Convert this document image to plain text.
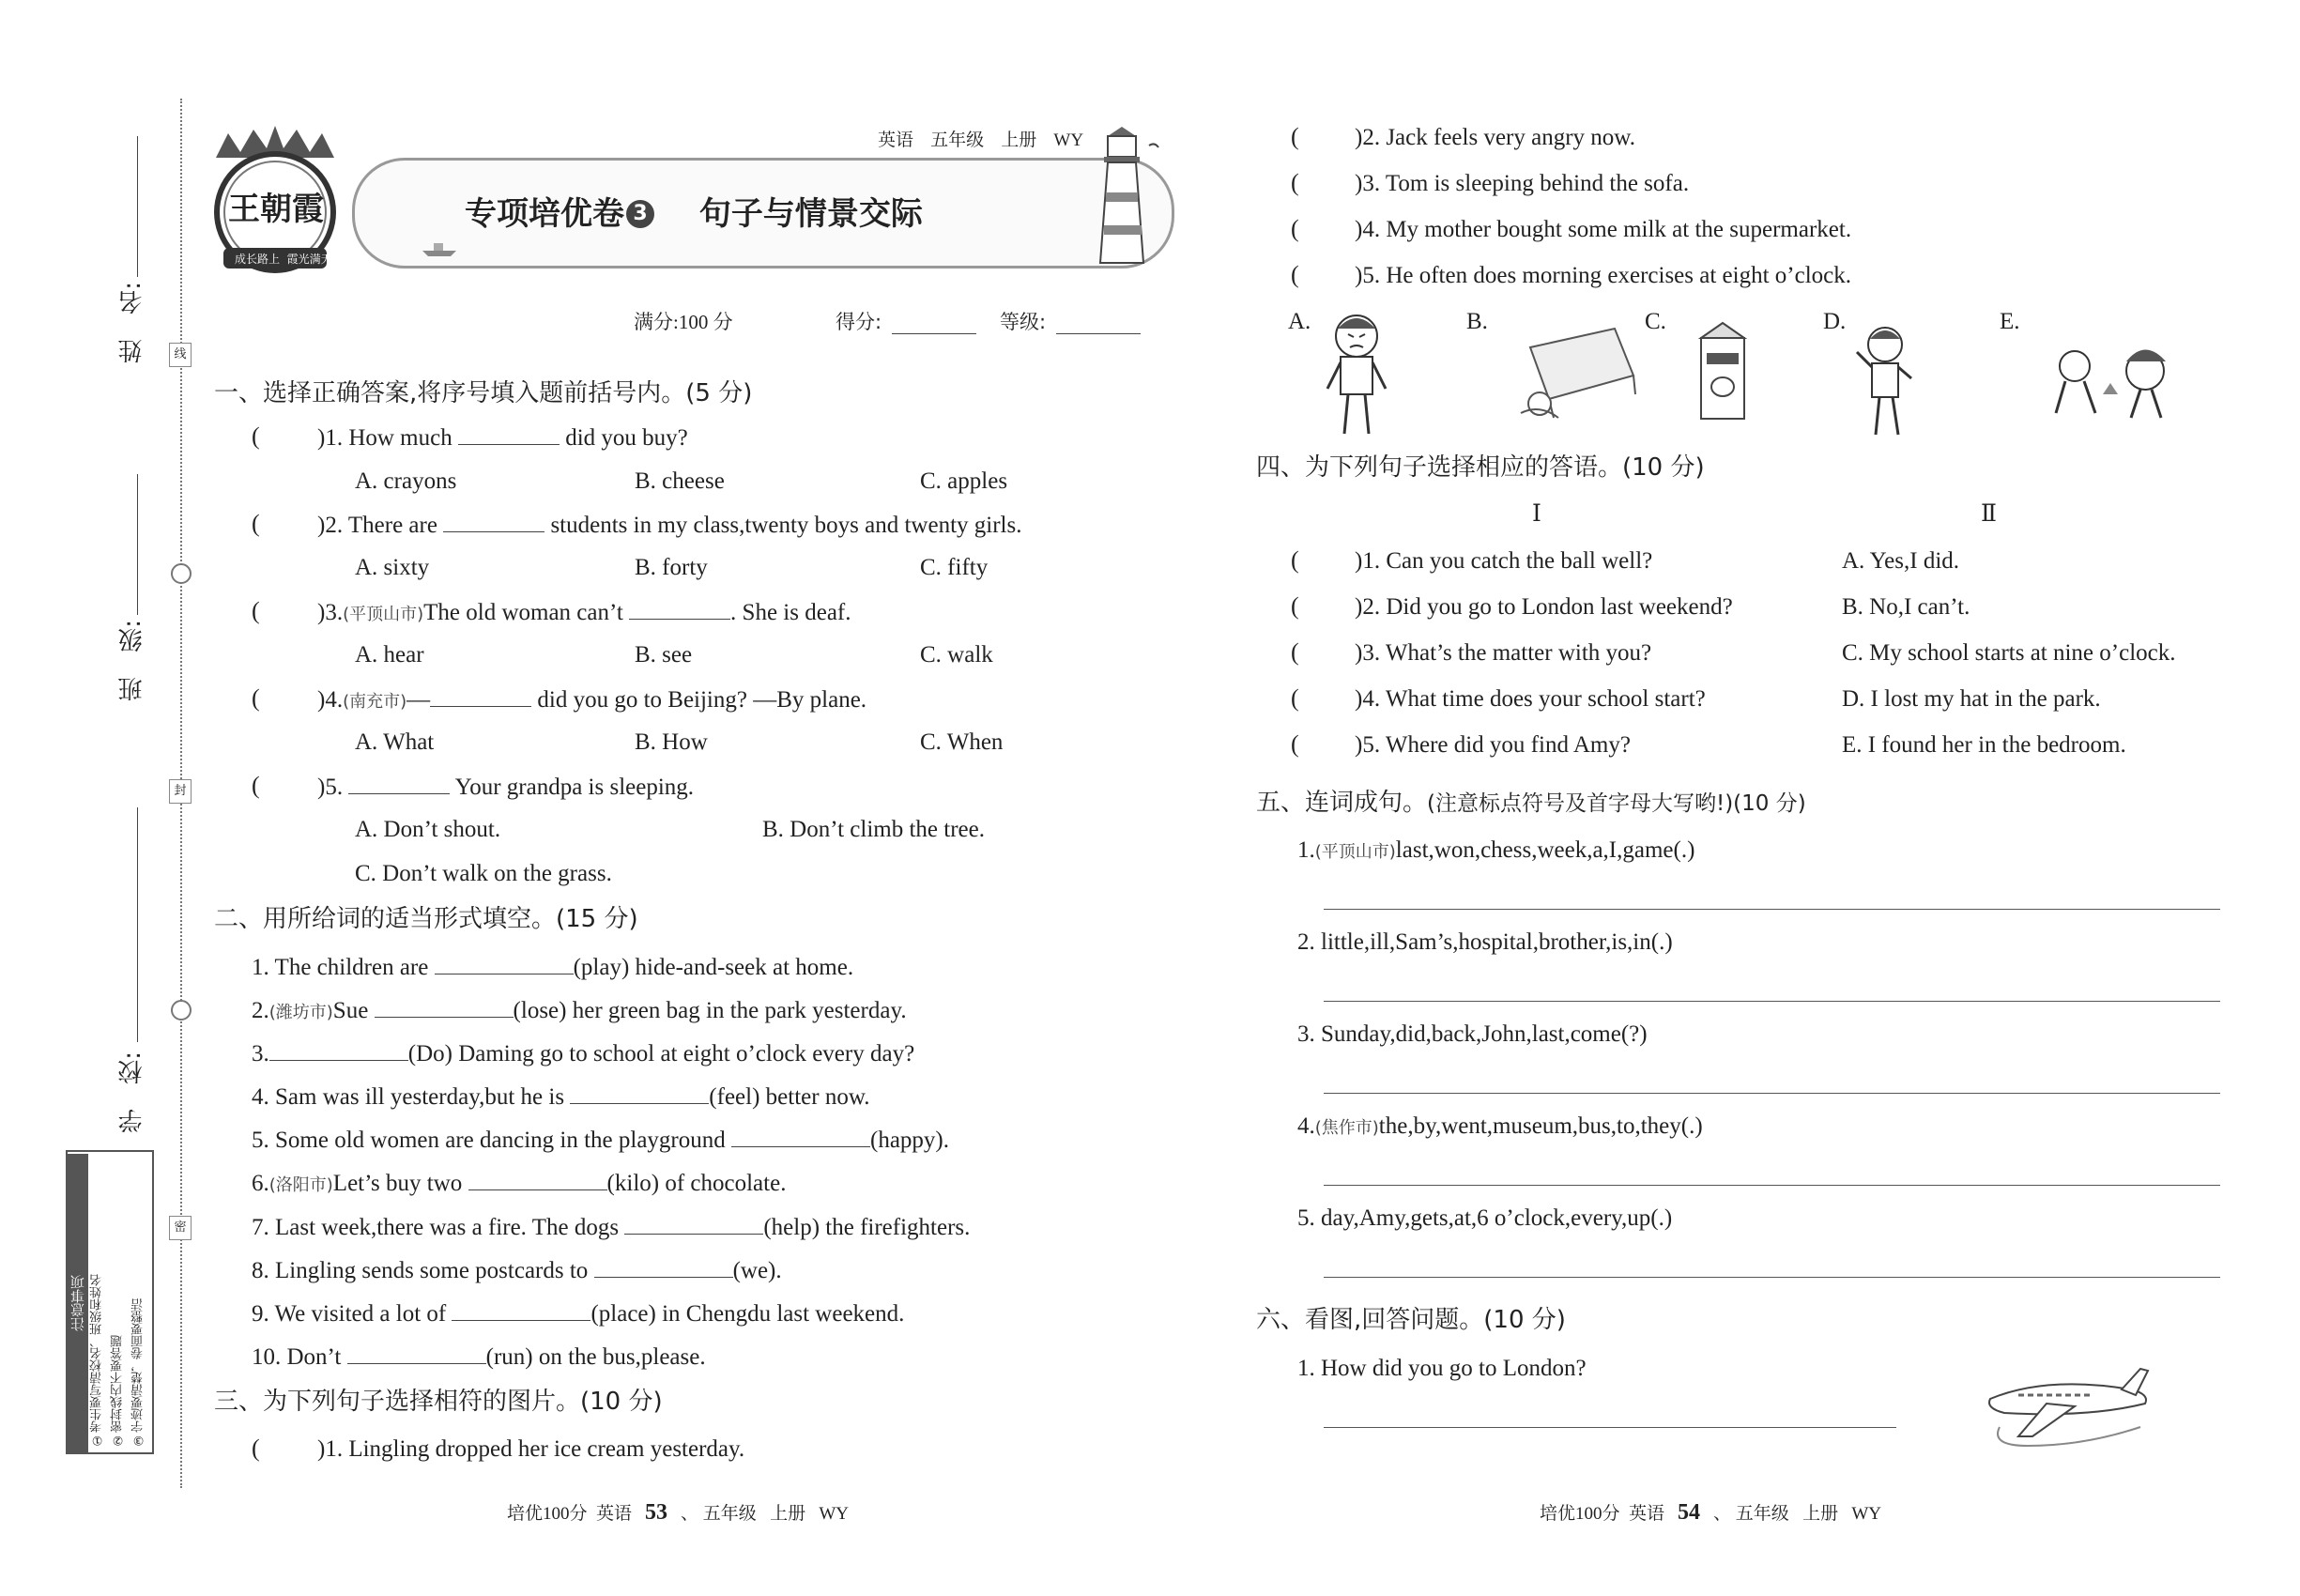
姓　名:
班　级:
学　校:
线
封
密
注意事项 ①考生要写清校名、班级和姓名 ②密封线内不要答题 ③字迹要清楚，卷面要整洁
英语 五年级 上册 WY
专项培优卷 3 句子与情景交际
王朝霞
成长路上 霞光满天
满分:100 分	得分:	等级:
一、选择正确答案,将序号填入题前括号内。(5 分)
( )1. How much	did you buy?
A. crayons	B. cheese	C. apples
( )2. There are	students in my class,twenty boys and twenty girls.
A. sixty	B. forty	C. fifty
( )3.(平顶山市)The old woman can’t	. She is deaf.
A. hear	B. see	C. walk
( )4.(南充市)—	did you go to Beijing? —By plane.
A. What	B. How	C. When
( )5.	Your grandpa is sleeping.
A. Don’t shout.	B. Don’t climb the tree.
C. Don’t walk on the grass.
二、用所给词的适当形式填空。(15 分)
1. The children are	(play) hide-and-seek at home.
2.(潍坊市)Sue	(lose) her green bag in the park yesterday.
3.	(Do) Daming go to school at eight o’clock every day?
4. Sam was ill yesterday,but he is	(feel) better now.
5. Some old women are dancing in the playground	(happy).
6.(洛阳市)Let’s buy two	(kilo) of chocolate.
7. Last week,there was a fire. The dogs	(help) the firefighters.
8. Lingling sends some postcards to	(we).
9. We visited a lot of	(place) in Chengdu last weekend.
10. Don’t	(run) on the bus,please.
三、为下列句子选择相符的图片。(10 分)
( )1. Lingling dropped her ice cream yesterday.
培优100分 英语 53 、 五年级 上册 WY
( )2. Jack feels very angry now.
( )3. Tom is sleeping behind the sofa.
( )4. My mother bought some milk at the supermarket.
( )5. He often does morning exercises at eight o’clock.
A.	B.	C.	D.	E.
四、为下列句子选择相应的答语。(10 分)
Ⅰ	Ⅱ
( )1. Can you catch the ball well?	A. Yes,I did.
( )2. Did you go to London last weekend?	B. No,I can’t.
( )3. What’s the matter with you?	C. My school starts at nine o’clock.
( )4. What time does your school start?	D. I lost my hat in the park.
( )5. Where did you find Amy?	E. I found her in the bedroom.
五、连词成句。(注意标点符号及首字母大写哟!)(10 分)
1.(平顶山市)last,won,chess,week,a,I,game(.)
2. little,ill,Sam’s,hospital,brother,is,in(.)
3. Sunday,did,back,John,last,come(?)
4.(焦作市)the,by,went,museum,bus,to,they(.)
5. day,Amy,gets,at,6 o’clock,every,up(.)
六、看图,回答问题。(10 分)
1. How did you go to London?
培优100分 英语 54 、 五年级 上册 WY
